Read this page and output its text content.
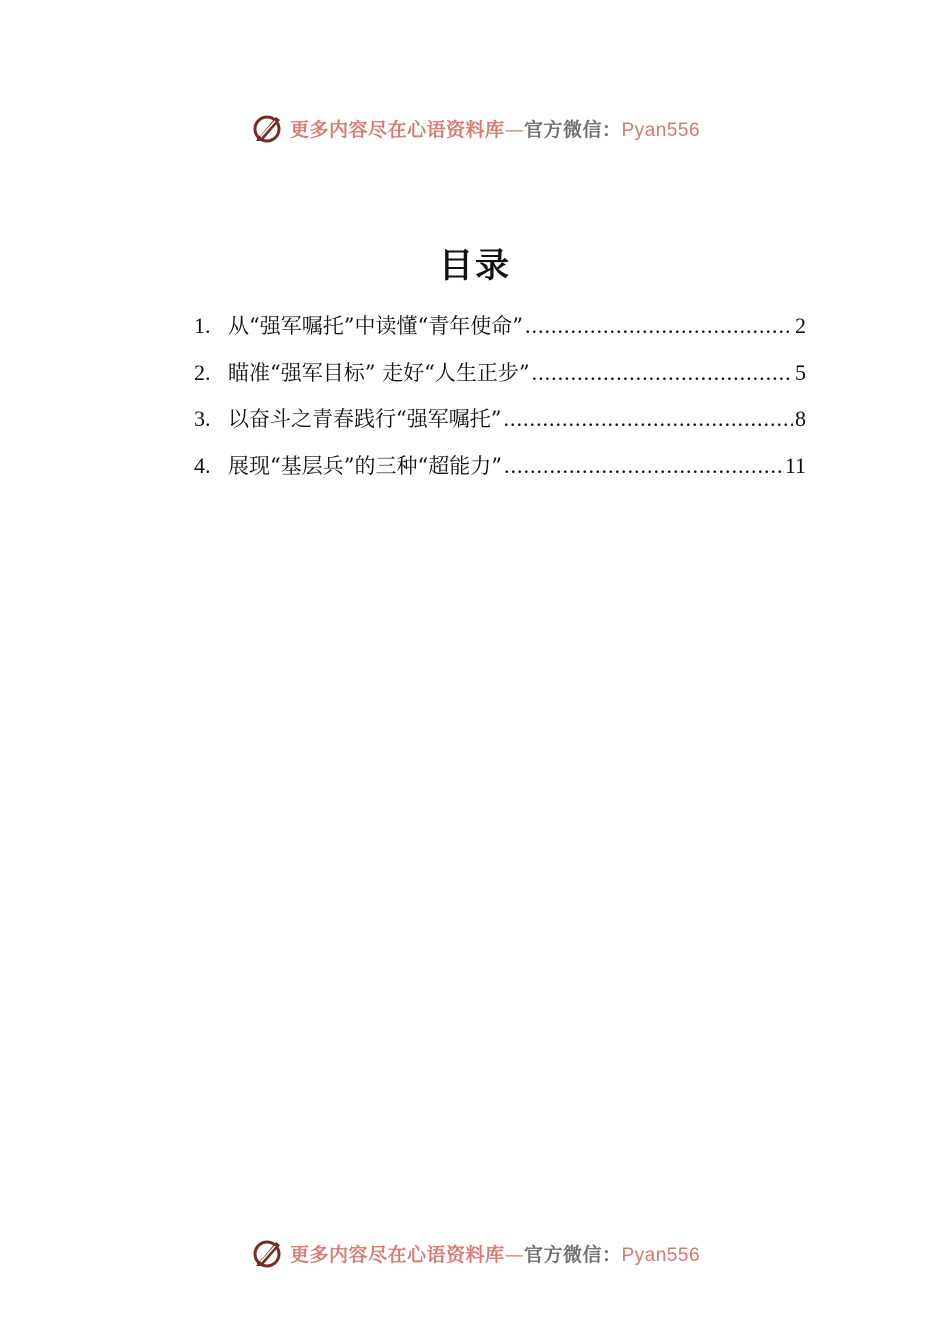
更多内容尽在心语资料库—官方微信：Pyan556
目录
1. 从“强军嘱托”中读懂“青年使命” .....	2
2. 瞄准“强军目标” 走好“人生正步” .....	5
3. 以奋斗之青春践行“强军嘱托” .....	8
4. 展现“基层兵”的三种“超能力” .....	11
更多内容尽在心语资料库—官方微信：Pyan556
